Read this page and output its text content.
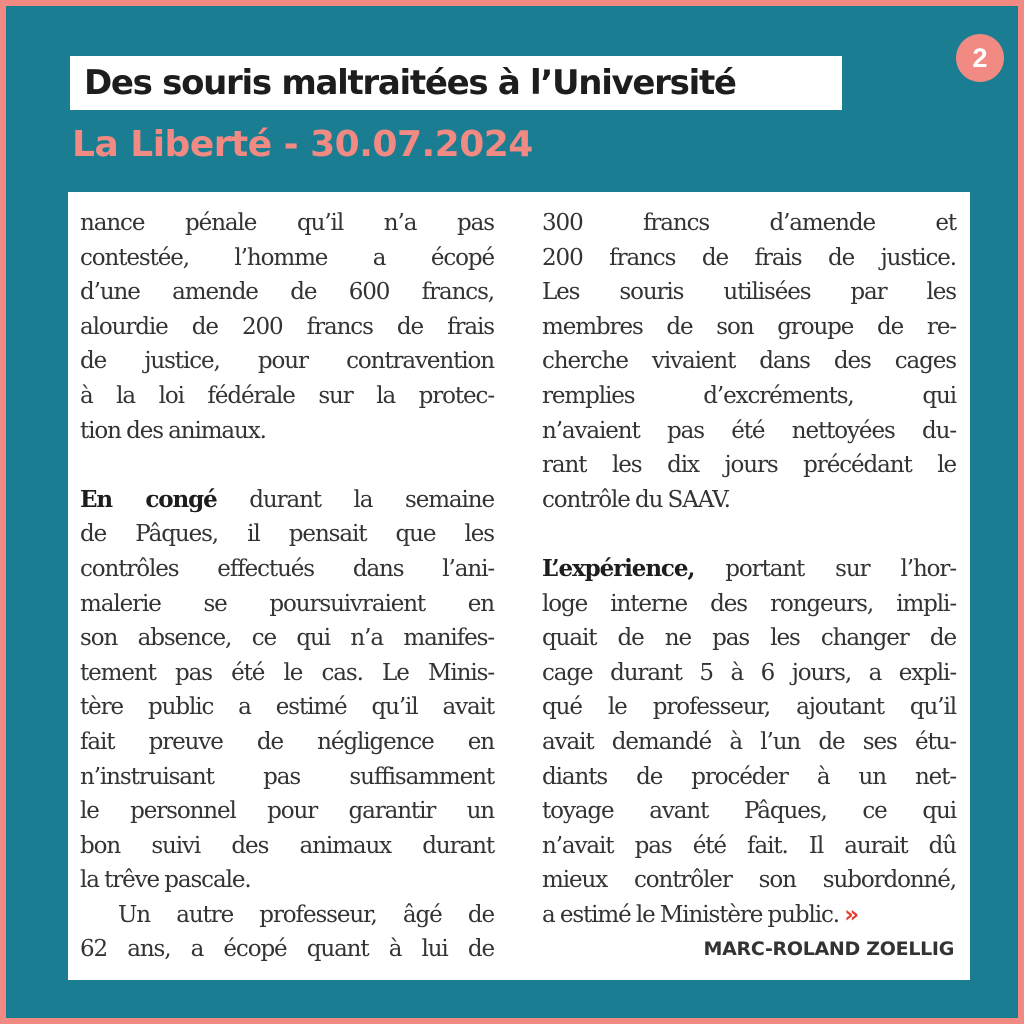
2
Des souris maltraitées à l’Université
La Liberté - 30.07.2024
nance pénale qu’il n’a pas
contestée, l’homme a écopé
d’une amende de 600 francs,
alourdie de 200 francs de frais
de justice, pour contravention
à la loi fédérale sur la protec-
tion des animaux.
En congé durant la semaine
de Pâques, il pensait que les
contrôles effectués dans l’ani-
malerie se poursuivraient en
son absence, ce qui n’a manifes-
tement pas été le cas. Le Minis-
tère public a estimé qu’il avait
fait preuve de négligence en
n’instruisant pas suffisamment
le personnel pour garantir un
bon suivi des animaux durant
la trêve pascale.
Un autre professeur, âgé de
62 ans, a écopé quant à lui de
300 francs d’amende et
200 francs de frais de justice.
Les souris utilisées par les
membres de son groupe de re-
cherche vivaient dans des cages
remplies d’excréments, qui
n’avaient pas été nettoyées du-
rant les dix jours précédant le
contrôle du SAAV.
L’expérience, portant sur l’hor-
loge interne des rongeurs, impli-
quait de ne pas les changer de
cage durant 5 à 6 jours, a expli-
qué le professeur, ajoutant qu’il
avait demandé à l’un de ses étu-
diants de procéder à un net-
toyage avant Pâques, ce qui
n’avait pas été fait. Il aurait dû
mieux contrôler son subordonné,
a estimé le Ministère public. »
MARC-ROLAND ZOELLIG
